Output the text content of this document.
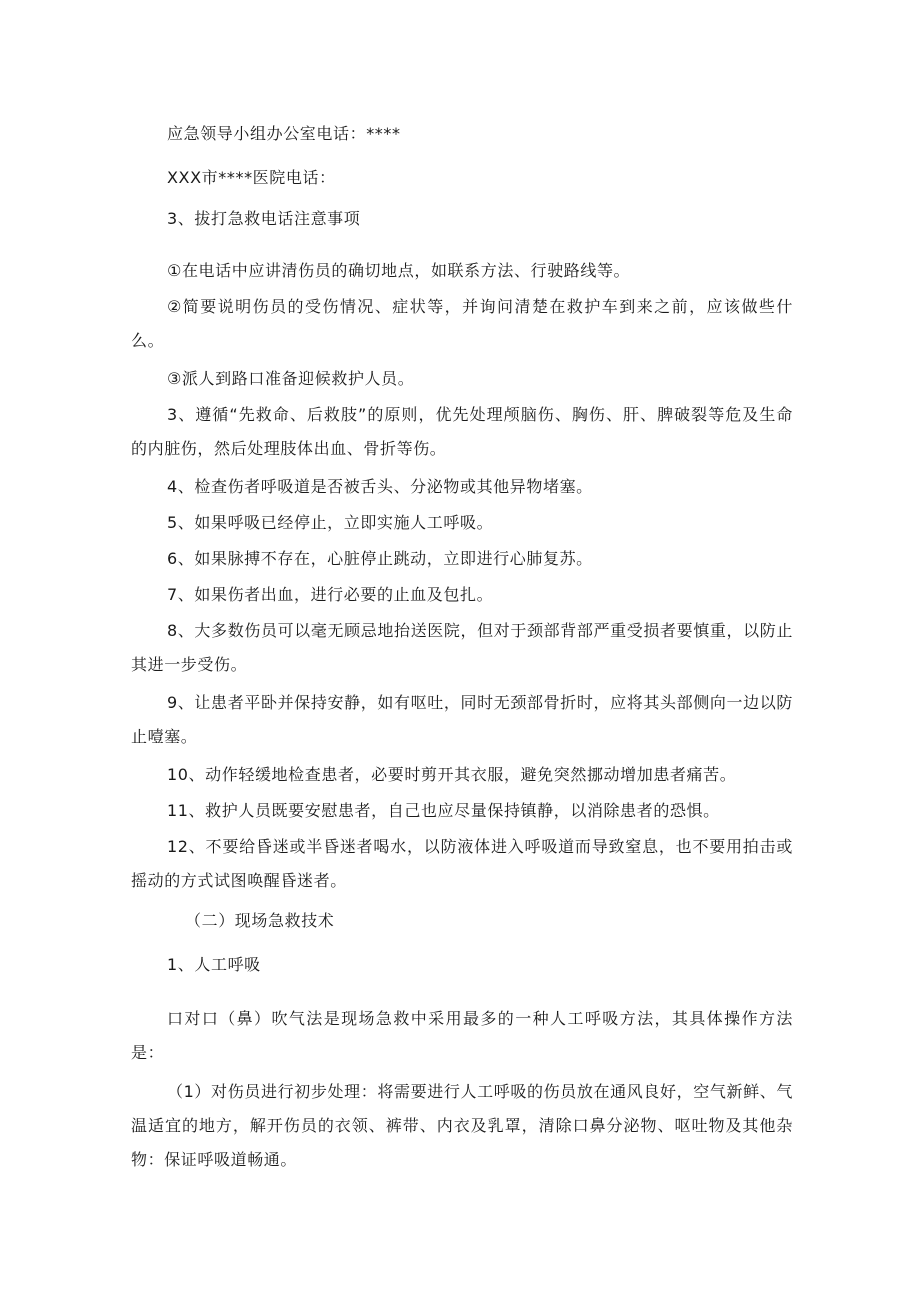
应急领导小组办公室电话：****

XXX市****医院电话：

3、拔打急救电话注意事项

①在电话中应讲清伤员的确切地点，如联系方法、行驶路线等。

②简要说明伤员的受伤情况、症状等，并询问清楚在救护车到来之前，应该做些什么。

③派人到路口准备迎候救护人员。

3、遵循“先救命、后救肢”的原则，优先处理颅脑伤、胸伤、肝、脾破裂等危及生命的内脏伤，然后处理肢体出血、骨折等伤。

4、检查伤者呼吸道是否被舌头、分泌物或其他异物堵塞。

5、如果呼吸已经停止，立即实施人工呼吸。

6、如果脉搏不存在，心脏停止跳动，立即进行心肺复苏。

7、如果伤者出血，进行必要的止血及包扎。

8、大多数伤员可以毫无顾忌地抬送医院，但对于颈部背部严重受损者要慎重，以防止其进一步受伤。

9、让患者平卧并保持安静，如有呕吐，同时无颈部骨折时，应将其头部侧向一边以防止噎塞。

10、动作轻缓地检查患者，必要时剪开其衣服，避免突然挪动增加患者痛苦。

11、救护人员既要安慰患者，自己也应尽量保持镇静，以消除患者的恐惧。

12、不要给昏迷或半昏迷者喝水，以防液体进入呼吸道而导致窒息，也不要用拍击或摇动的方式试图唤醒昏迷者。

（二）现场急救技术

1、人工呼吸

口对口（鼻）吹气法是现场急救中采用最多的一种人工呼吸方法，其具体操作方法是：

（1）对伤员进行初步处理：将需要进行人工呼吸的伤员放在通风良好，空气新鲜、气温适宜的地方，解开伤员的衣领、裤带、内衣及乳罩，清除口鼻分泌物、呕吐物及其他杂物：保证呼吸道畅通。
